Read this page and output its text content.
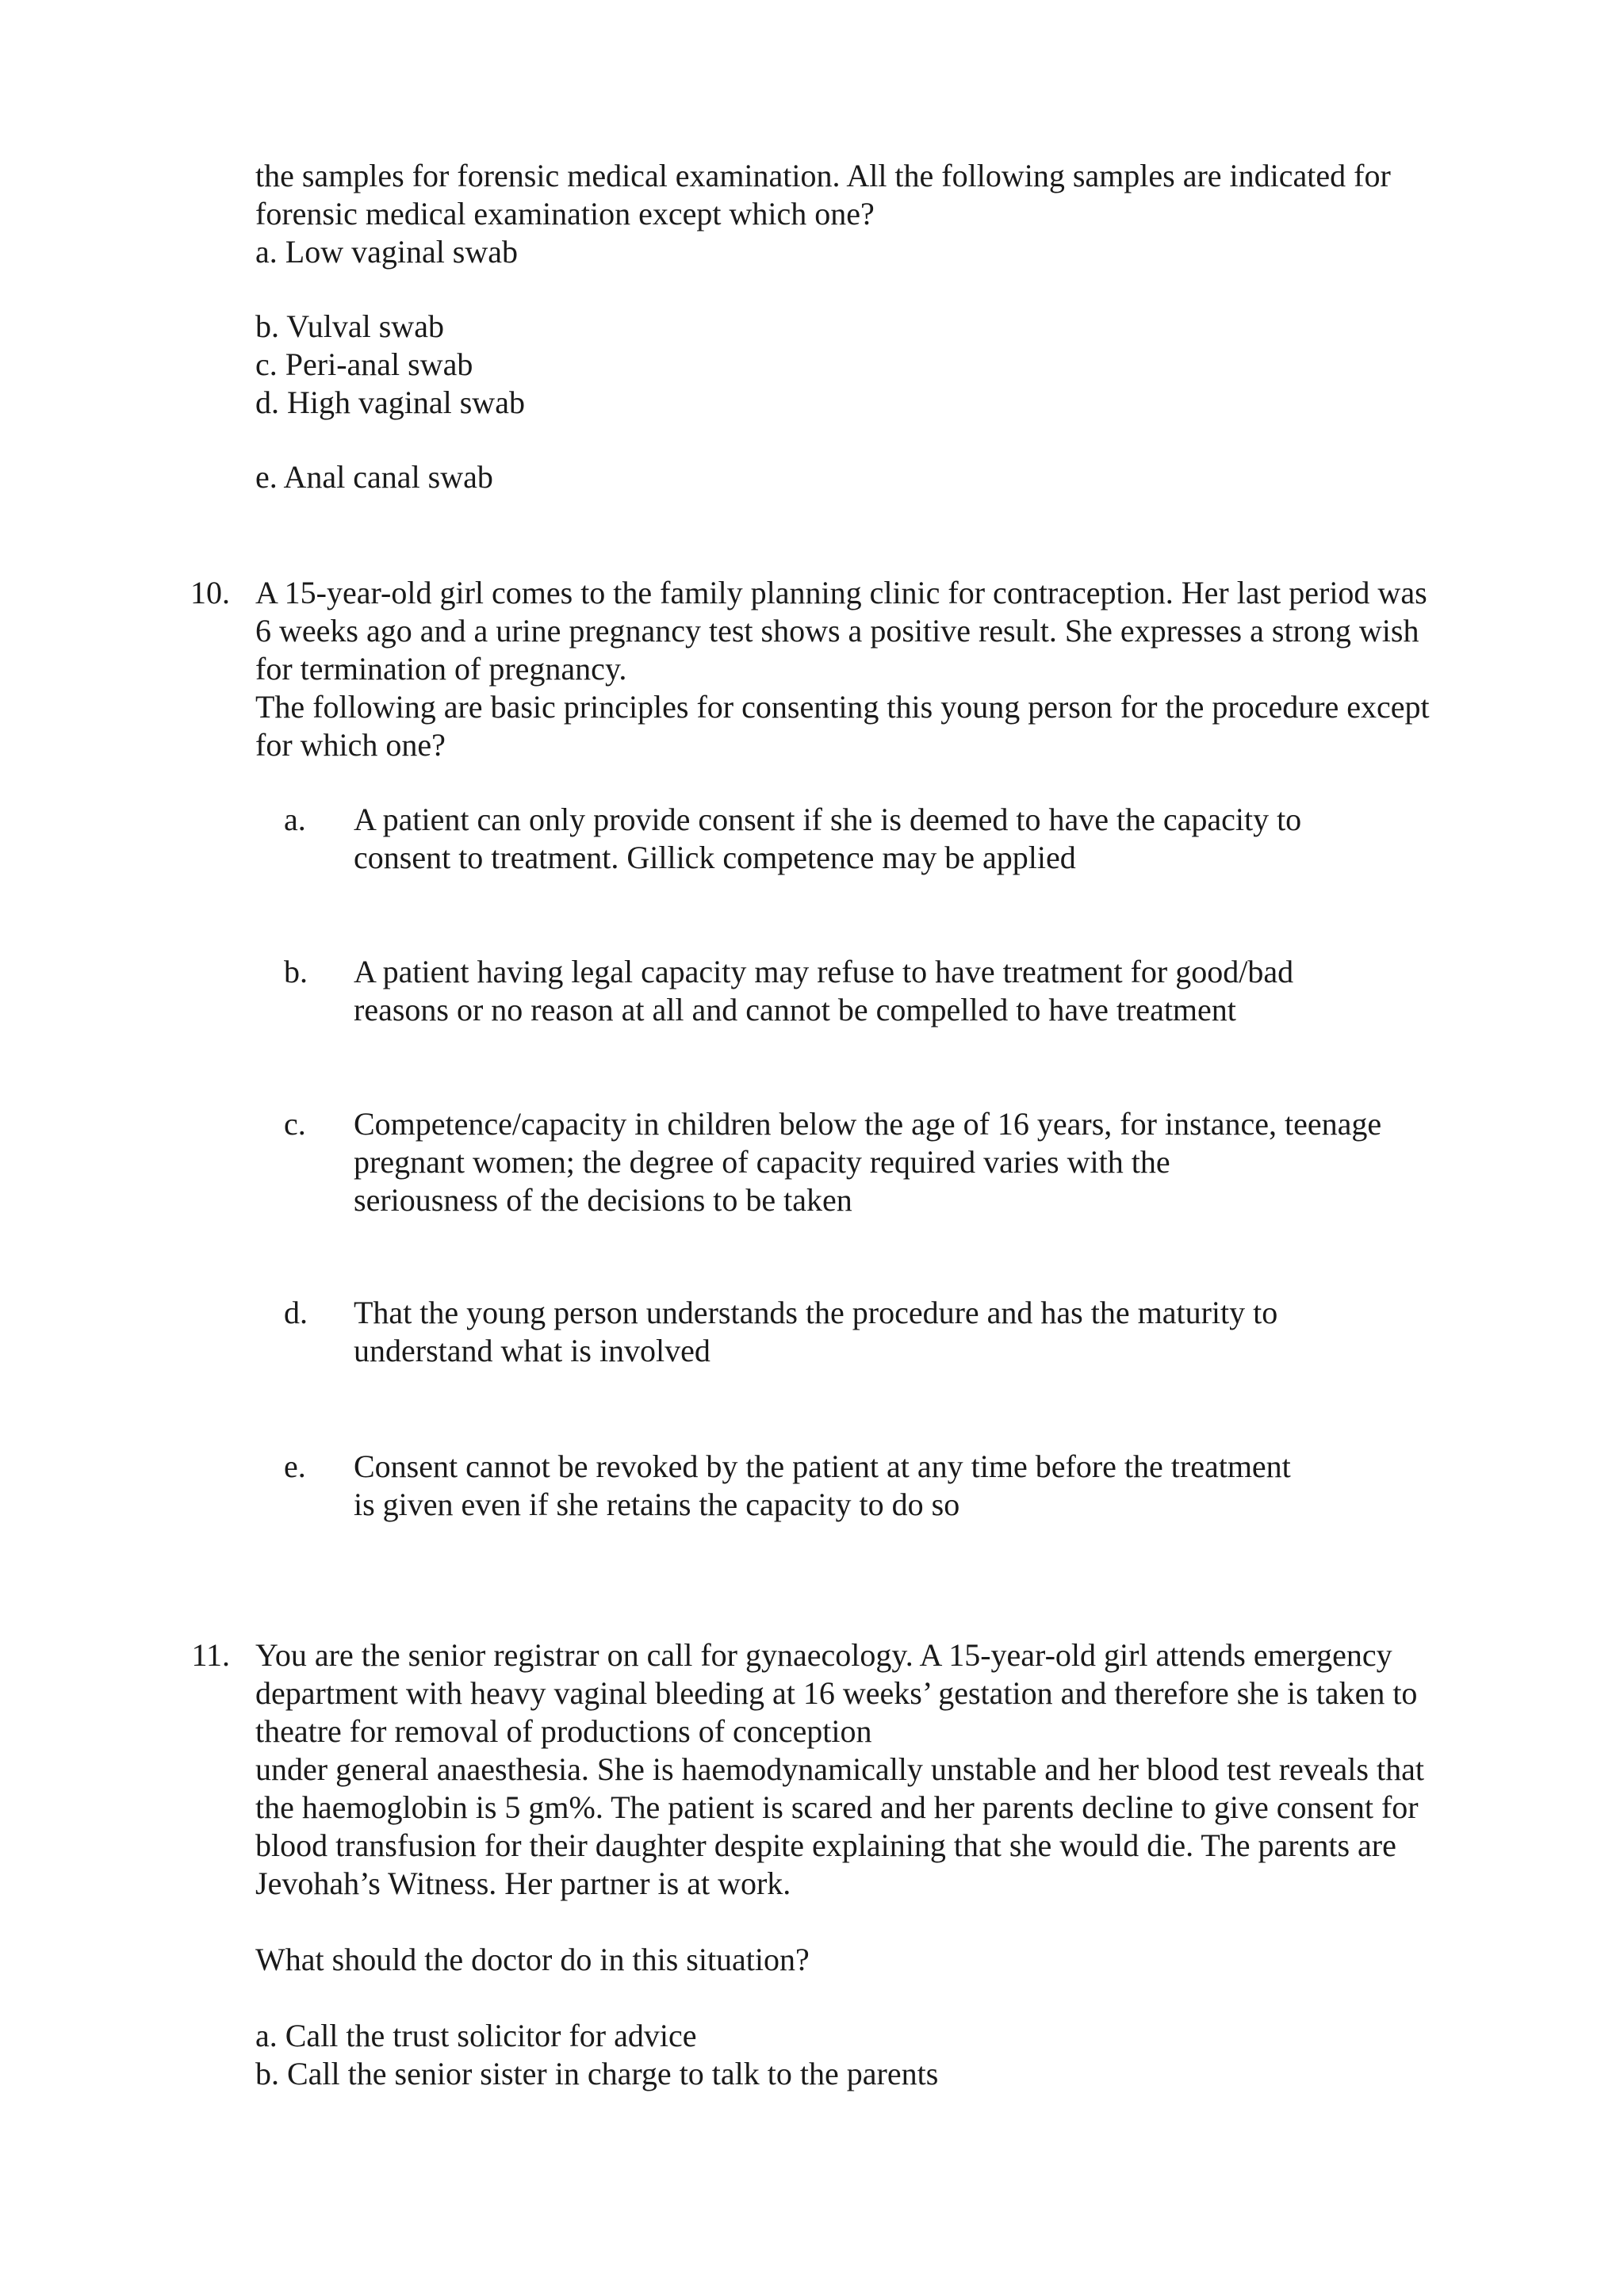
the samples for forensic medical examination. All the following samples are indicated for
forensic medical examination except which one?
a. Low vaginal swab
b. Vulval swab
c. Peri-anal swab
d. High vaginal swab
e. Anal canal swab
10. A 15-year-old girl comes to the family planning clinic for contraception. Her last period was
6 weeks ago and a urine pregnancy test shows a positive result. She expresses a strong wish
for termination of pregnancy.
The following are basic principles for consenting this young person for the procedure except
for which one?
a.	A patient can only provide consent if she is deemed to have the capacity to
consent to treatment. Gillick competence may be applied
b.	A patient having legal capacity may refuse to have treatment for good/bad
reasons or no reason at all and cannot be compelled to have treatment
c.	Competence/capacity in children below the age of 16 years, for instance, teenage
pregnant women; the degree of capacity required varies with the
seriousness of the decisions to be taken
d.	That the young person understands the procedure and has the maturity to
understand what is involved
e.	Consent cannot be revoked by the patient at any time before the treatment
is given even if she retains the capacity to do so
11. You are the senior registrar on call for gynaecology. A 15-year-old girl attends emergency
department with heavy vaginal bleeding at 16 weeks’ gestation and therefore she is taken to
theatre for removal of productions of conception
under general anaesthesia. She is haemodynamically unstable and her blood test reveals that
the haemoglobin is 5 gm%. The patient is scared and her parents decline to give consent for
blood transfusion for their daughter despite explaining that she would die. The parents are
Jevohah’s Witness. Her partner is at work.
What should the doctor do in this situation?
a. Call the trust solicitor for advice
b. Call the senior sister in charge to talk to the parents
